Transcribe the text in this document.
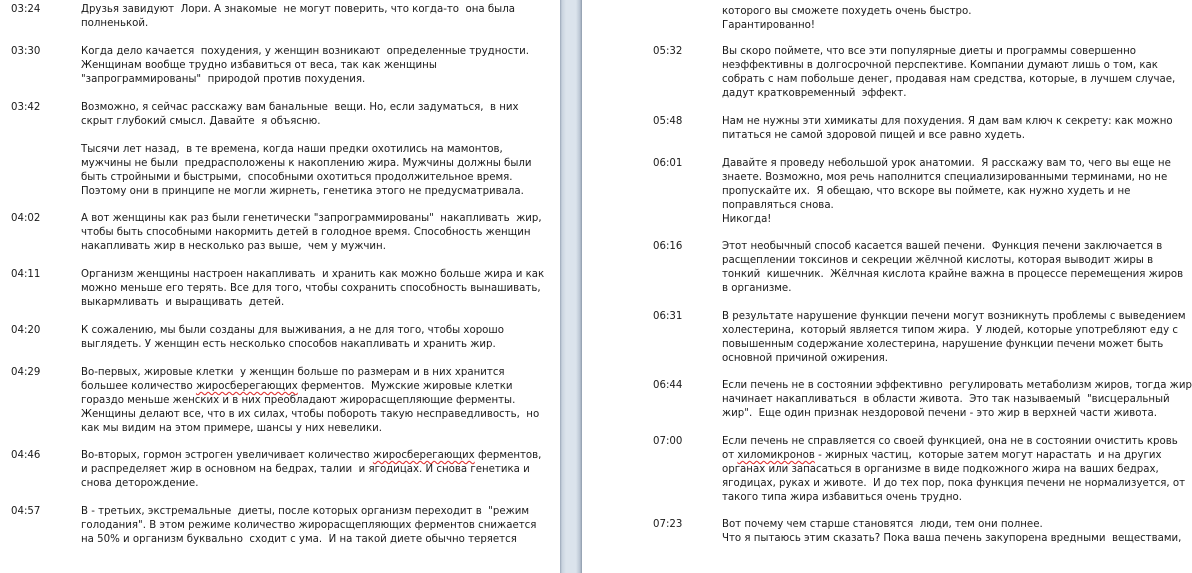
03:24	Друзья завидуют  Лори. А знакомые  не могут поверить, что когда-то  она была
полненькой.
03:30	Когда дело качается  похудения, у женщин возникают  определенные трудности.
Женщинам вообще трудно избавиться от веса, так как женщины
"запрограммированы"  природой против похудения.
03:42	Возможно, я сейчас расскажу вам банальные  вещи. Но, если задуматься,  в них
скрыт глубокий смысл. Давайте  я объясню.
Тысячи лет назад,  в те времена, когда наши предки охотились на мамонтов,
мужчины не были  предрасположены к накоплению жира. Мужчины должны были
быть стройными и быстрыми,  способными охотиться продолжительное время.
Поэтому они в принципе не могли жирнеть, генетика этого не предусматривала.
04:02	А вот женщины как раз были генетически "запрограммированы"  накапливать  жир,
чтобы быть способными накормить детей в голодное время. Способность женщин
накапливать жир в несколько раз выше,  чем у мужчин.
04:11	Организм женщины настроен накапливать  и хранить как можно больше жира и как
можно меньше его терять. Все для того, чтобы сохранить способность вынашивать,
выкармливать  и выращивать  детей.
04:20	К сожалению, мы были созданы для выживания, а не для того, чтобы хорошо
выглядеть. У женщин есть несколько способов накапливать и хранить жир.
04:29	Во-первых, жировые клетки  у женщин больше по размерам и в них хранится
большее количество жиросберегающих ферментов.  Мужские жировые клетки
гораздо меньше женских и в них преобладают жирорасщепляющие ферменты.
Женщины делают все, что в их силах, чтобы побороть такую несправедливость,  но
как мы видим на этом примере, шансы у них невелики.
04:46	Во-вторых, гормон эстроген увеличивает количество жиросберегающих ферментов,
и распределяет жир в основном на бедрах, талии  и ягодицах. И снова генетика и
снова деторождение.
04:57	В - третьих, экстремальные  диеты, после которых организм переходит в  "режим
голодания". В этом режиме количество жирорасщепляющих ферментов снижается
на 50% и организм буквально  сходит с ума.  И на такой диете обычно теряется
которого вы сможете похудеть очень быстро.
Гарантированно!
05:32	Вы скоро поймете, что все эти популярные диеты и программы совершенно
неэффективны в долгосрочной перспективе. Компании думают лишь о том, как
собрать с нам побольше денег, продавая нам средства, которые, в лучшем случае,
дадут кратковременный  эффект.
05:48	Нам не нужны эти химикаты для похудения. Я дам вам ключ к секрету: как можно
питаться не самой здоровой пищей и все равно худеть.
06:01	Давайте я проведу небольшой урок анатомии.  Я расскажу вам то, чего вы еще не
знаете. Возможно, моя речь наполнится специализированными терминами, но не
пропускайте их.  Я обещаю, что вскоре вы поймете, как нужно худеть и не
поправляться снова.
Никогда!
06:16	Этот необычный способ касается вашей печени.  Функция печени заключается в
расщеплении токсинов и секреции жёлчной кислоты, которая выводит жиры в
тонкий  кишечник.  Жёлчная кислота крайне важна в процессе перемещения жиров
в организме.
06:31	В результате нарушение функции печени могут возникнуть проблемы с выведением
холестерина,  который является типом жира.  У людей, которые употребляют еду с
повышенным содержание холестерина, нарушение функции печени может быть
основной причиной ожирения.
06:44	Если печень не в состоянии эффективно  регулировать метаболизм жиров, тогда жир
начинает накапливаться  в области живота.  Это так называемый  "висцеральный
жир".  Еще один признак нездоровой печени - это жир в верхней части живота.
07:00	Если печень не справляется со своей функцией, она не в состоянии очистить кровь
от хиломикронов - жирных частиц,  которые затем могут нарастать  и на других
органах или запасаться в организме в виде подкожного жира на ваших бедрах,
ягодицах, руках и животе.  И до тех пор, пока функция печени не нормализуется, от
такого типа жира избавиться очень трудно.
07:23	Вот почему чем старше становятся  люди, тем они полнее.
Что я пытаюсь этим сказать? Пока ваша печень закупорена вредными  веществами,
